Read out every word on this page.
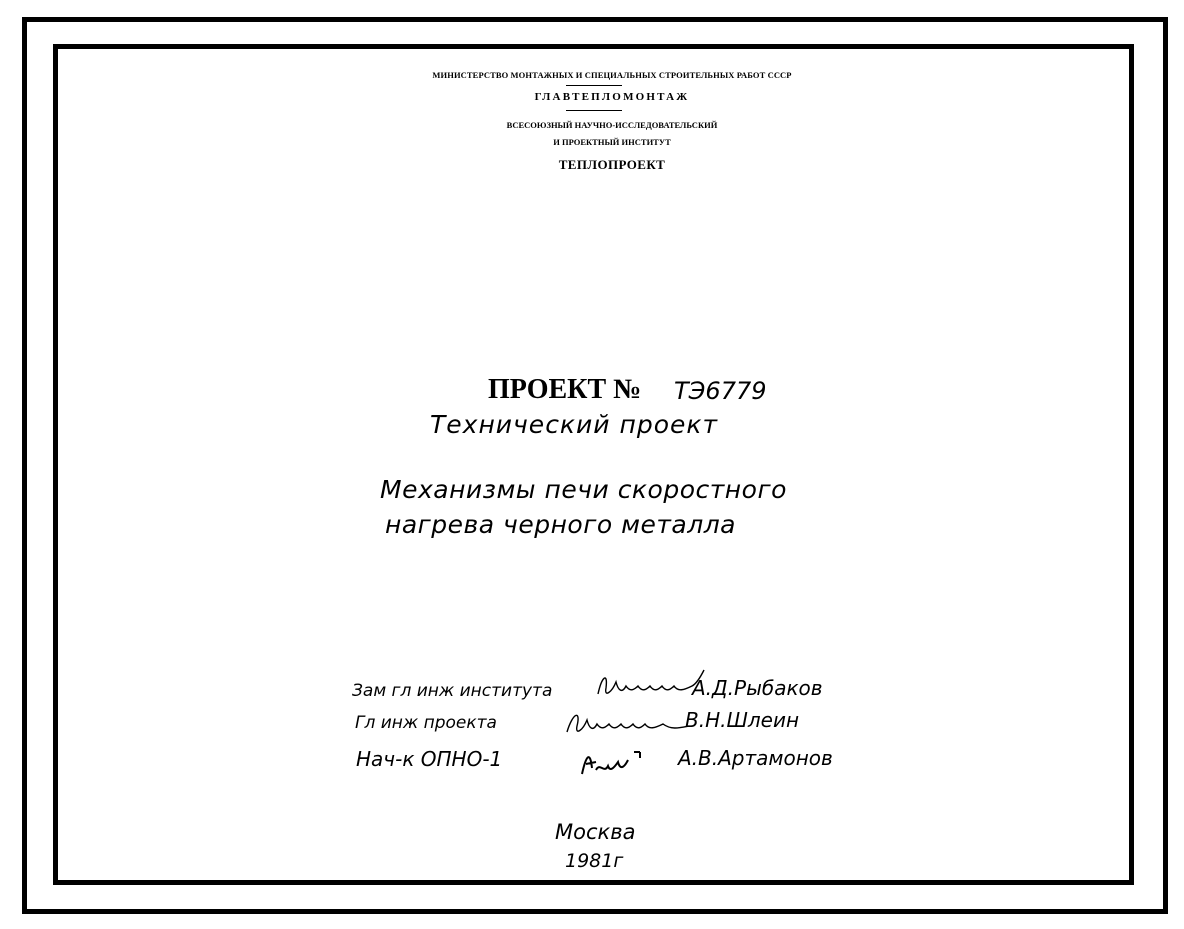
МИНИСТЕРСТВО МОНТАЖНЫХ И СПЕЦИАЛЬНЫХ СТРОИТЕЛЬНЫХ РАБОТ СССР
ГЛАВТЕПЛОМОНТАЖ
ВСЕСОЮЗНЫЙ НАУЧНО-ИССЛЕДОВАТЕЛЬСКИЙ
И ПРОЕКТНЫЙ ИНСТИТУТ
ТЕПЛОПРОЕКТ
ПРОЕКТ № ТЭ6779
Технический проект
Механизмы печи скоростного
нагрева черного металла
Зам гл инж института	А.Д.Рыбаков
Гл инж проекта	В.Н.Шлеин
Нач-к ОПНО-1	А.В.Артамонов
Москва
1981г
